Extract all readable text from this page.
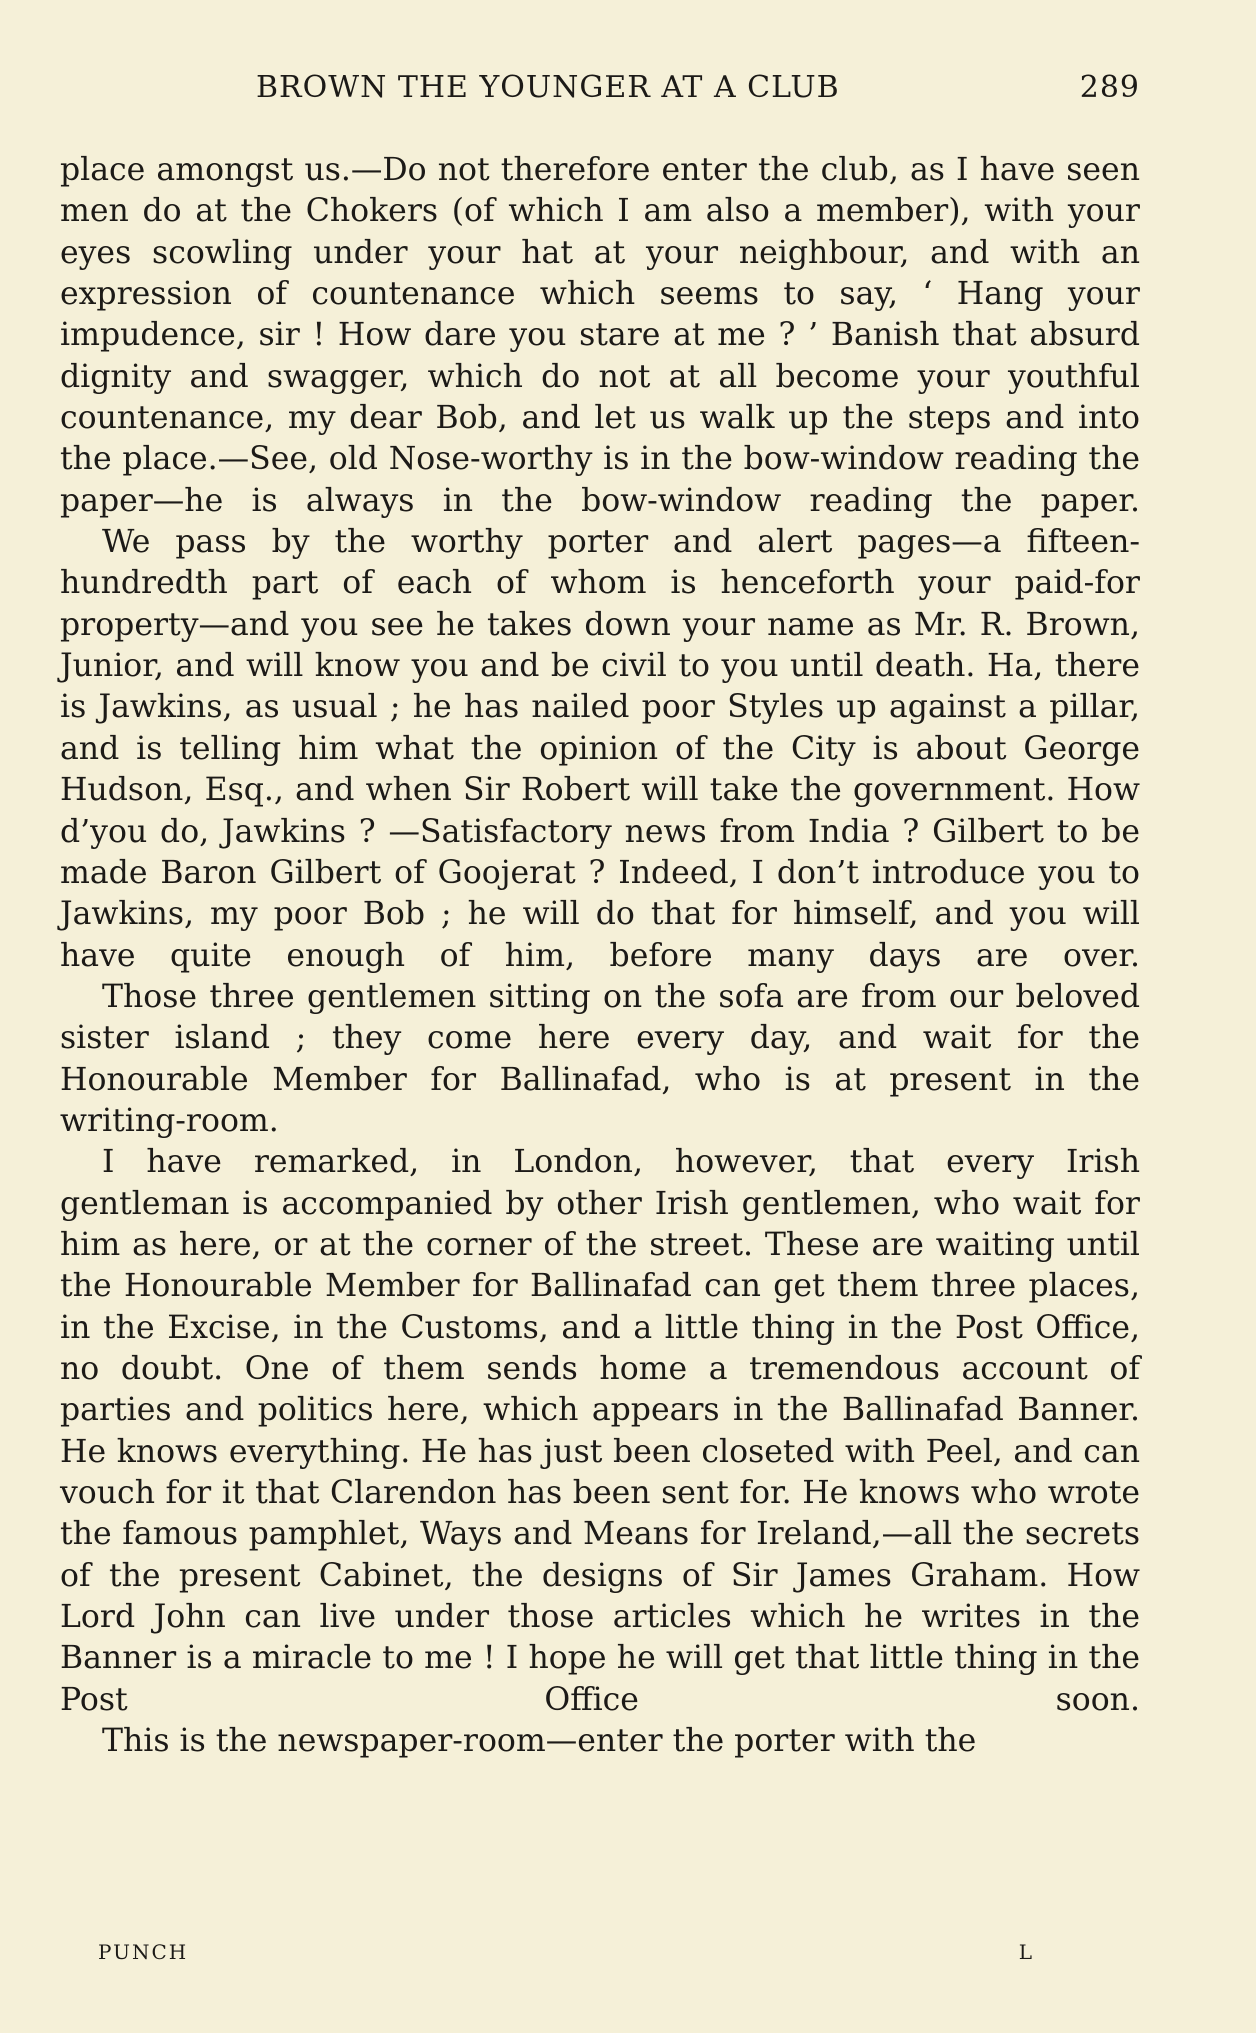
BROWN THE YOUNGER AT A CLUB	289
place amongst us.—Do not therefore enter the club, as I have seen men do at the Chokers (of which I am also a member), with your eyes scowling under your hat at your neighbour, and with an expression of countenance which seems to say, ‘ Hang your impudence, sir ! How dare you stare at me ? ’ Banish that absurd dignity and swagger, which do not at all become your youthful countenance, my dear Bob, and let us walk up the steps and into the place.—See, old Nose-worthy is in the bow-window reading the paper—he is always in the bow-window reading the paper.
We pass by the worthy porter and alert pages—a fifteen-hundredth part of each of whom is henceforth your paid-for property—and you see he takes down your name as Mr. R. Brown, Junior, and will know you and be civil to you until death. Ha, there is Jawkins, as usual ; he has nailed poor Styles up against a pillar, and is telling him what the opinion of the City is about George Hudson, Esq., and when Sir Robert will take the government. How d’you do, Jawkins ? —Satisfactory news from India ? Gilbert to be made Baron Gilbert of Goojerat ? Indeed, I don’t introduce you to Jawkins, my poor Bob ; he will do that for himself, and you will have quite enough of him, before many days are over.
Those three gentlemen sitting on the sofa are from our beloved sister island ; they come here every day, and wait for the Honourable Member for Ballinafad, who is at present in the writing-room.
I have remarked, in London, however, that every Irish gentleman is accompanied by other Irish gentlemen, who wait for him as here, or at the corner of the street. These are waiting until the Honourable Member for Ballinafad can get them three places, in the Excise, in the Customs, and a little thing in the Post Office, no doubt. One of them sends home a tremendous account of parties and politics here, which appears in the Ballinafad Banner. He knows everything. He has just been closeted with Peel, and can vouch for it that Clarendon has been sent for. He knows who wrote the famous pamphlet, Ways and Means for Ireland,—all the secrets of the present Cabinet, the designs of Sir James Graham. How Lord John can live under those articles which he writes in the Banner is a miracle to me ! I hope he will get that little thing in the Post Office soon.
This is the newspaper-room—enter the porter with the
PUNCH	L
